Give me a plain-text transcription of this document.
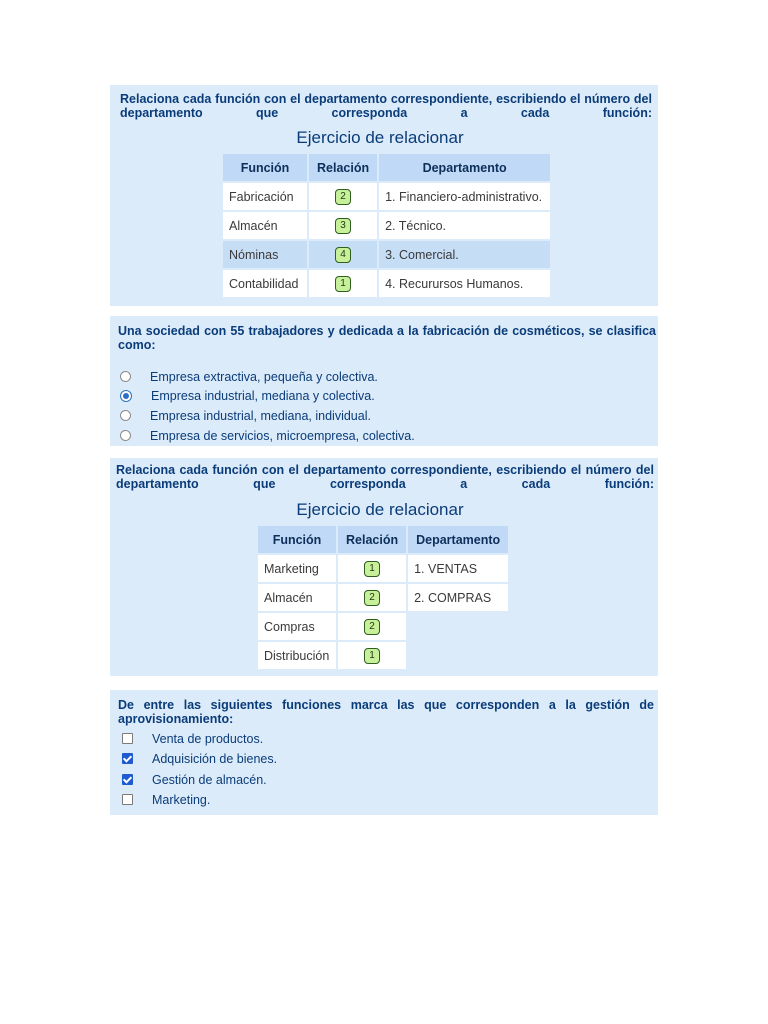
Relaciona cada función con el departamento correspondiente, escribiendo el número del departamento que corresponda a cada función:
Ejercicio de relacionar
Función	Relación	Departamento
Fabricación	2	1. Financiero-administrativo.
Almacén	3	2. Técnico.
Nóminas	4	3. Comercial.
Contabilidad	1	4. Recurursos Humanos.
Una sociedad con 55 trabajadores y dedicada a la fabricación de cosméticos, se clasifica como:
Empresa extractiva, pequeña y colectiva.
Empresa industrial, mediana y colectiva.
Empresa industrial, mediana, individual.
Empresa de servicios, microempresa, colectiva.
Relaciona cada función con el departamento correspondiente, escribiendo el número del departamento que corresponda a cada función:
Ejercicio de relacionar
Función	Relación	Departamento
Marketing	1	1. VENTAS
Almacén	2	2. COMPRAS
Compras	2	
Distribución	1	
De entre las siguientes funciones marca las que corresponden a la gestión de aprovisionamiento:
Venta de productos.
Adquisición de bienes.
Gestión de almacén.
Marketing.
